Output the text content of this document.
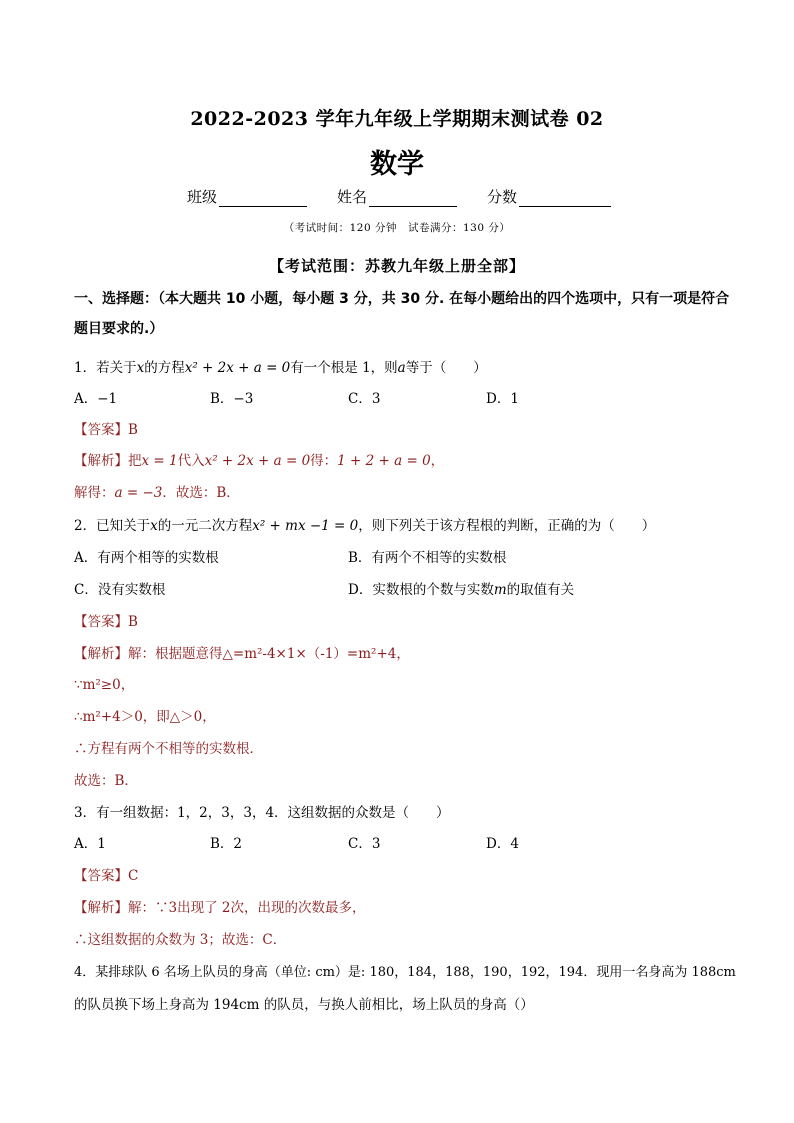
2022-2023 学年九年级上学期期末测试卷 02
数学
班级	姓名	分数
（考试时间：120 分钟　试卷满分：130 分）
【考试范围：苏教九年级上册全部】
一、选择题：（本大题共 10 小题，每小题 3 分，共 30 分. 在每小题给出的四个选项中，只有一项是符合题目要求的.）
1．若关于x的方程x² + 2x + a = 0有一个根是 1，则a等于（　　）
A．−1	B．−3	C．3	D．1
【答案】B
【解析】把x = 1代入x² + 2x + a = 0得：1 + 2 + a = 0，
解得：a = −3．故选：B．
2．已知关于x的一元二次方程x² + mx −1 = 0，则下列关于该方程根的判断，正确的为（　　）
A．有两个相等的实数根	B．有两个不相等的实数根
C．没有实数根	D．实数根的个数与实数m的取值有关
【答案】B
【解析】解：根据题意得△=m²-4×1×（-1）=m²+4，
∵m²≥0，
∴m²+4＞0，即△＞0，
∴方程有两个不相等的实数根．
故选：B．
3．有一组数据：1，2，3，3，4．这组数据的众数是（　　）
A．1	B．2	C．3	D．4
【答案】C
【解析】解：∵3出现了 2次，出现的次数最多，
∴这组数据的众数为 3；故选：C．
4．某排球队 6 名场上队员的身高（单位: cm）是: 180，184，188，190，192，194．现用一名身高为 188cm
的队员换下场上身高为 194cm 的队员，与换人前相比，场上队员的身高（）
